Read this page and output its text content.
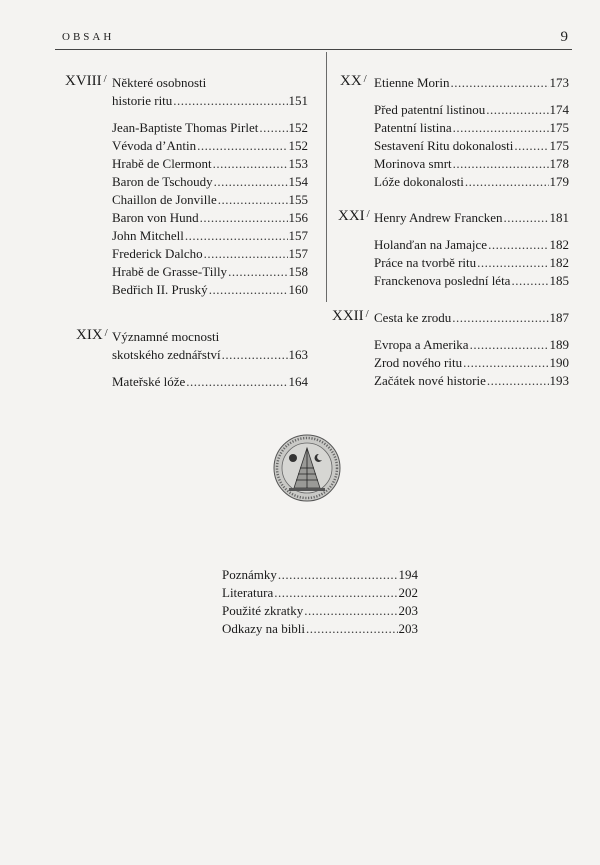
OBSAH	9
XVIII / Některé osobnosti
historie ritu .....	151
Jean-Baptiste Thomas Pirlet ..... 152
Vévoda d’Antin .....	152
Hrabě de Clermont .....	153
Baron de Tschoudy .....	154
Chaillon de Jonville .....	155
Baron von Hund .....	156
John Mitchell .....	157
Frederick Dalcho .....	157
Hrabě de Grasse-Tilly .....	158
Bedřich II. Pruský .....	160
XIX / Významné mocnosti
skotského zednářství .....	163
Mateřské lóže .....	164
XX / Etienne Morin .....	173
Před patentní listinou .....	174
Patentní listina .....	175
Sestavení Ritu dokonalosti .....	175
Morinova smrt .....	178
Lóže dokonalosti .....	179
XXI / Henry Andrew Francken .....	181
Holanďan na Jamajce .....	182
Práce na tvorbě ritu .....	182
Franckenova poslední léta .....	185
XXII / Cesta ke zrodu .....	187
Evropa a Amerika .....	189
Zrod nového ritu .....	190
Začátek nové historie .....	193
Poznámky .....	194
Literatura .....	202
Použité zkratky .....	203
Odkazy na bibli .....	203
